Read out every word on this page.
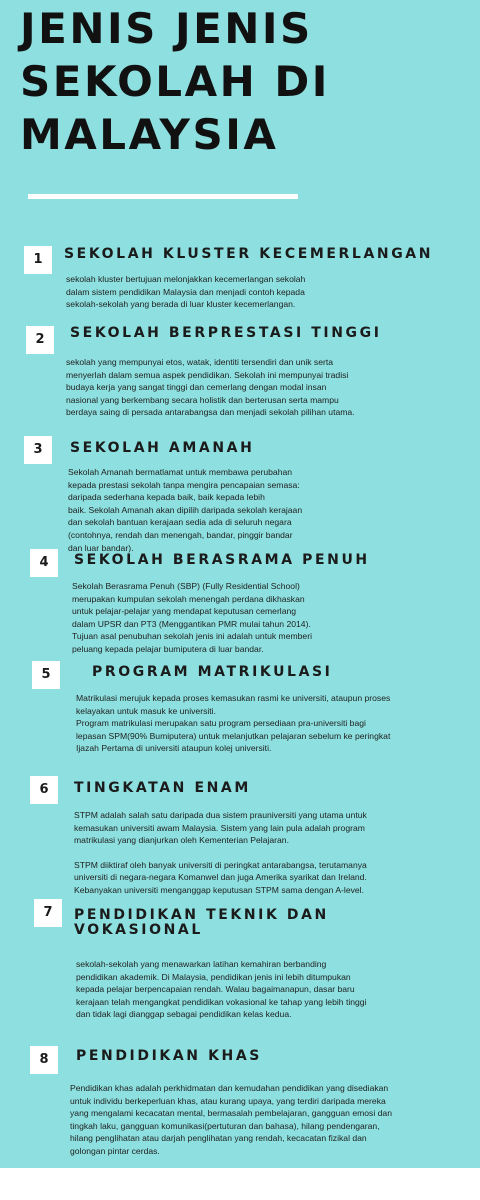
JENIS JENIS
SEKOLAH DI
MALAYSIA
1	SEKOLAH KLUSTER KECEMERLANGAN

sekolah kluster bertujuan melonjakkan kecemerlangan sekolah

dalam sistem pendidikan Malaysia dan menjadi contoh kepada

sekolah-sekolah yang berada di luar kluster kecemerlangan.

2	SEKOLAH BERPRESTASI TINGGI

sekolah yang mempunyai etos, watak, identiti tersendiri dan unik serta

menyerlah dalam semua aspek pendidikan. Sekolah ini mempunyai tradisi

budaya kerja yang sangat tinggi dan cemerlang dengan modal insan

nasional yang berkembang secara holistik dan berterusan serta mampu

berdaya saing di persada antarabangsa dan menjadi sekolah pilihan utama.

3	SEKOLAH AMANAH

Sekolah Amanah bermatlamat untuk membawa perubahan

kepada prestasi sekolah tanpa mengira pencapaian semasa:

daripada sederhana kepada baik, baik kepada lebih

baik. Sekolah Amanah akan dipilih daripada sekolah kerajaan

dan sekolah bantuan kerajaan sedia ada di seluruh negara

(contohnya, rendah dan menengah, bandar, pinggir bandar

dan luar bandar).

4	SEKOLAH BERASRAMA PENUH

Sekolah Berasrama Penuh (SBP) (Fully Residential School)

merupakan kumpulan sekolah menengah perdana dikhaskan

untuk pelajar-pelajar yang mendapat keputusan cemerlang

dalam UPSR dan PT3 (Menggantikan PMR mulai tahun 2014).

Tujuan asal penubuhan sekolah jenis ini adalah untuk memberi

peluang kepada pelajar bumiputera di luar bandar.

5	PROGRAM MATRIKULASI

Matrikulasi merujuk kepada proses kemasukan rasmi ke universiti, ataupun proses

kelayakan untuk masuk ke universiti.

Program matrikulasi merupakan satu program persediaan pra-universiti bagi

lepasan SPM(90% Bumiputera) untuk melanjutkan pelajaran sebelum ke peringkat

Ijazah Pertama di universiti ataupun kolej universiti.

6	TINGKATAN ENAM

STPM adalah salah satu daripada dua sistem prauniversiti yang utama untuk

kemasukan universiti awam Malaysia. Sistem yang lain pula adalah program

matrikulasi yang dianjurkan oleh Kementerian Pelajaran.

STPM diiktiraf oleh banyak universiti di peringkat antarabangsa, terutamanya

universiti di negara-negara Komanwel dan juga Amerika syarikat dan Ireland.

Kebanyakan universiti menganggap keputusan STPM sama dengan A-level.

7	PENDIDIKAN TEKNIK DAN
VOKASIONAL

sekolah-sekolah yang menawarkan latihan kemahiran berbanding

pendidikan akademik. Di Malaysia, pendidikan jenis ini lebih ditumpukan

kepada pelajar berpencapaian rendah. Walau bagaimanapun, dasar baru

kerajaan telah mengangkat pendidikan vokasional ke tahap yang lebih tinggi

dan tidak lagi dianggap sebagai pendidikan kelas kedua.

8	PENDIDIKAN KHAS

Pendidikan khas adalah perkhidmatan dan kemudahan pendidikan yang disediakan

untuk individu berkeperluan khas, atau kurang upaya, yang terdiri daripada mereka

yang mengalami kecacatan mental, bermasalah pembelajaran, gangguan emosi dan

tingkah laku, gangguan komunikasi(pertuturan dan bahasa), hilang pendengaran,

hilang penglihatan atau darjah penglihatan yang rendah, kecacatan fizikal dan

golongan pintar cerdas.
